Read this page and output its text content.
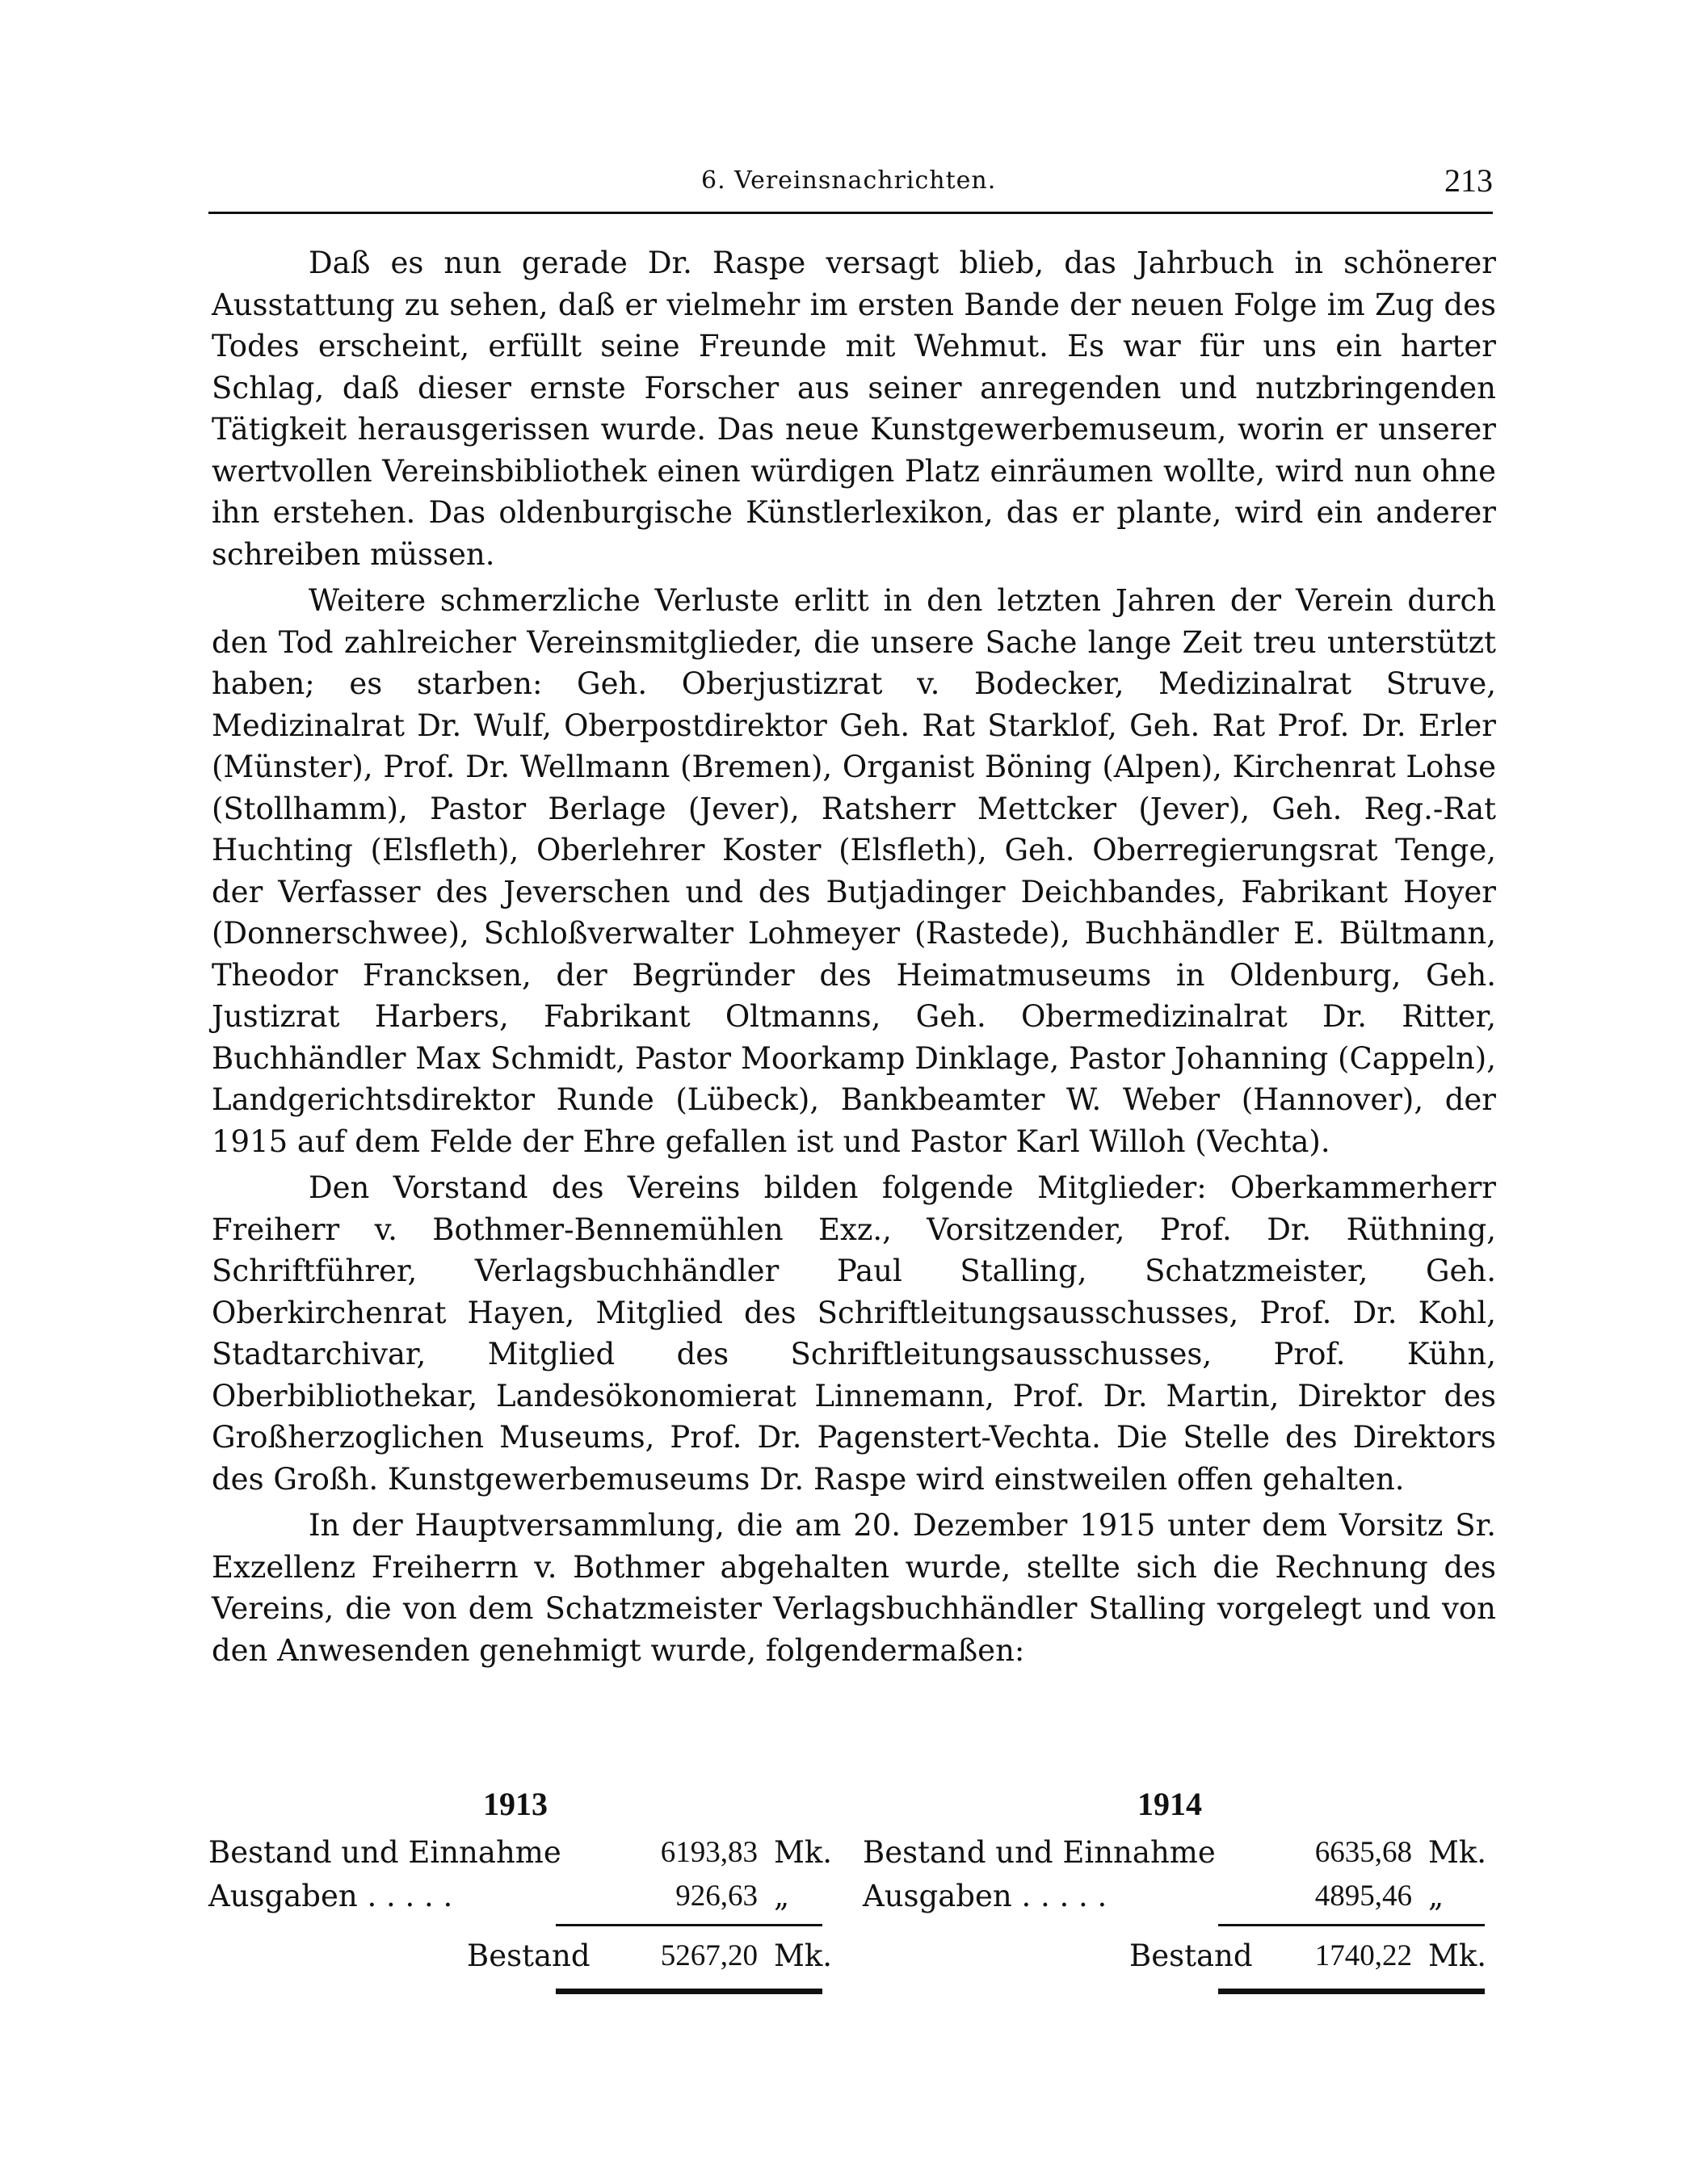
6. Vereinsnachrichten.	213

Daß es nun gerade Dr. Raspe versagt blieb, das Jahrbuch in schönerer Ausstattung zu sehen, daß er vielmehr im ersten Bande der neuen Folge im Zug des Todes erscheint, erfüllt seine Freunde mit Wehmut. Es war für uns ein harter Schlag, daß dieser ernste Forscher aus seiner anregenden und nutzbringenden Tätigkeit herausgerissen wurde. Das neue Kunstgewerbemuseum, worin er unserer wertvollen Vereinsbibliothek einen würdigen Platz einräumen wollte, wird nun ohne ihn erstehen. Das oldenburgische Künstlerlexikon, das er plante, wird ein anderer schreiben müssen.

Weitere schmerzliche Verluste erlitt in den letzten Jahren der Verein durch den Tod zahlreicher Vereinsmitglieder, die unsere Sache lange Zeit treu unterstützt haben; es starben: Geh. Oberjustizrat v. Bodecker, Medizinalrat Struve, Medizinalrat Dr. Wulf, Oberpostdirektor Geh. Rat Starklof, Geh. Rat Prof. Dr. Erler (Münster), Prof. Dr. Wellmann (Bremen), Organist Böning (Alpen), Kirchenrat Lohse (Stollhamm), Pastor Berlage (Jever), Ratsherr Mettcker (Jever), Geh. Reg.-Rat Huchting (Elsfleth), Oberlehrer Koster (Elsfleth), Geh. Oberregierungsrat Tenge, der Verfasser des Jeverschen und des Butjadinger Deichbandes, Fabrikant Hoyer (Donnerschwee), Schloßverwalter Lohmeyer (Rastede), Buchhändler E. Bültmann, Theodor Francksen, der Begründer des Heimatmuseums in Oldenburg, Geh. Justizrat Harbers, Fabrikant Oltmanns, Geh. Obermedizinalrat Dr. Ritter, Buchhändler Max Schmidt, Pastor Moorkamp Dinklage, Pastor Johanning (Cappeln), Landgerichtsdirektor Runde (Lübeck), Bankbeamter W. Weber (Hannover), der 1915 auf dem Felde der Ehre gefallen ist und Pastor Karl Willoh (Vechta).

Den Vorstand des Vereins bilden folgende Mitglieder: Oberkammerherr Freiherr v. Bothmer-Bennemühlen Exz., Vorsitzender, Prof. Dr. Rüthning, Schriftführer, Verlagsbuchhändler Paul Stalling, Schatzmeister, Geh. Oberkirchenrat Hayen, Mitglied des Schriftleitungsausschusses, Prof. Dr. Kohl, Stadtarchivar, Mitglied des Schriftleitungsausschusses, Prof. Kühn, Oberbibliothekar, Landesökonomierat Linnemann, Prof. Dr. Martin, Direktor des Großherzoglichen Museums, Prof. Dr. Pagenstert-Vechta. Die Stelle des Direktors des Großh. Kunstgewerbemuseums Dr. Raspe wird einstweilen offen gehalten.

In der Hauptversammlung, die am 20. Dezember 1915 unter dem Vorsitz Sr. Exzellenz Freiherrn v. Bothmer abgehalten wurde, stellte sich die Rechnung des Vereins, die von dem Schatzmeister Verlagsbuchhändler Stalling vorgelegt und von den Anwesenden genehmigt wurde, folgendermaßen:

1913
Bestand und Einnahme	6193,83 Mk.
Ausgaben . . . . .	926,63 „
Bestand	5267,20 Mk.
1914
Bestand und Einnahme	6635,68 Mk.
Ausgaben . . . . .	4895,46 „
Bestand	1740,22 Mk.
